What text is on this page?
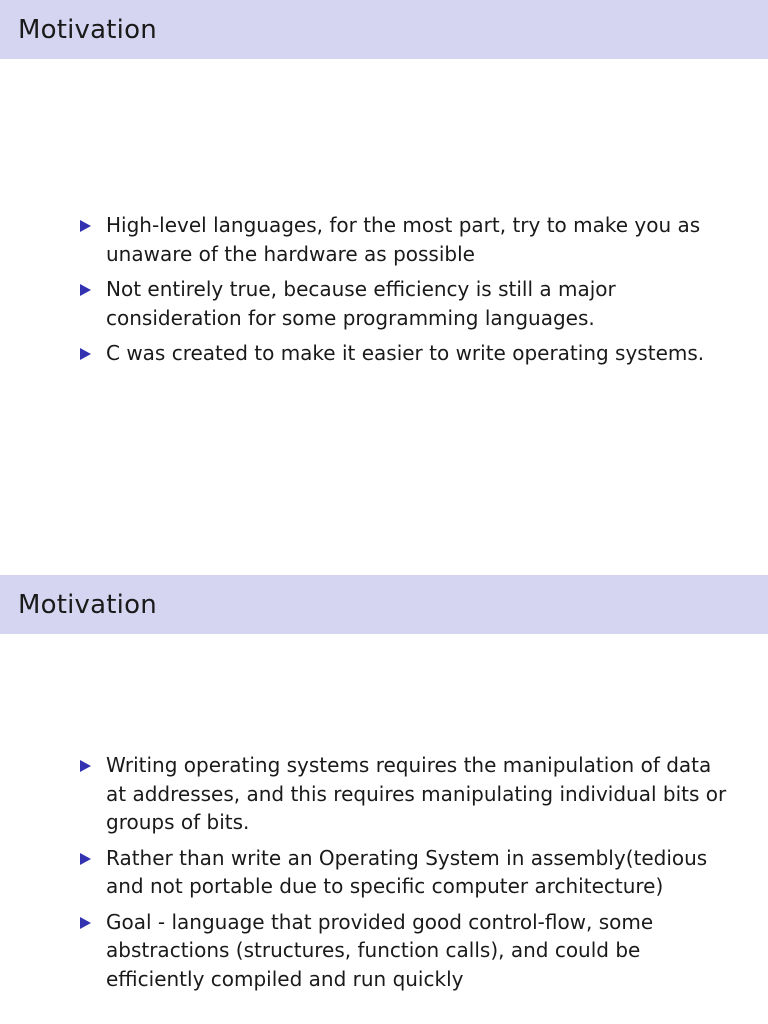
Motivation
High-level languages, for the most part, try to make you as unaware of the hardware as possible
Not entirely true, because efficiency is still a major consideration for some programming languages.
C was created to make it easier to write operating systems.
Motivation
Writing operating systems requires the manipulation of data at addresses, and this requires manipulating individual bits or groups of bits.
Rather than write an Operating System in assembly(tedious and not portable due to specific computer architecture)
Goal - language that provided good control-flow, some abstractions (structures, function calls), and could be efficiently compiled and run quickly
